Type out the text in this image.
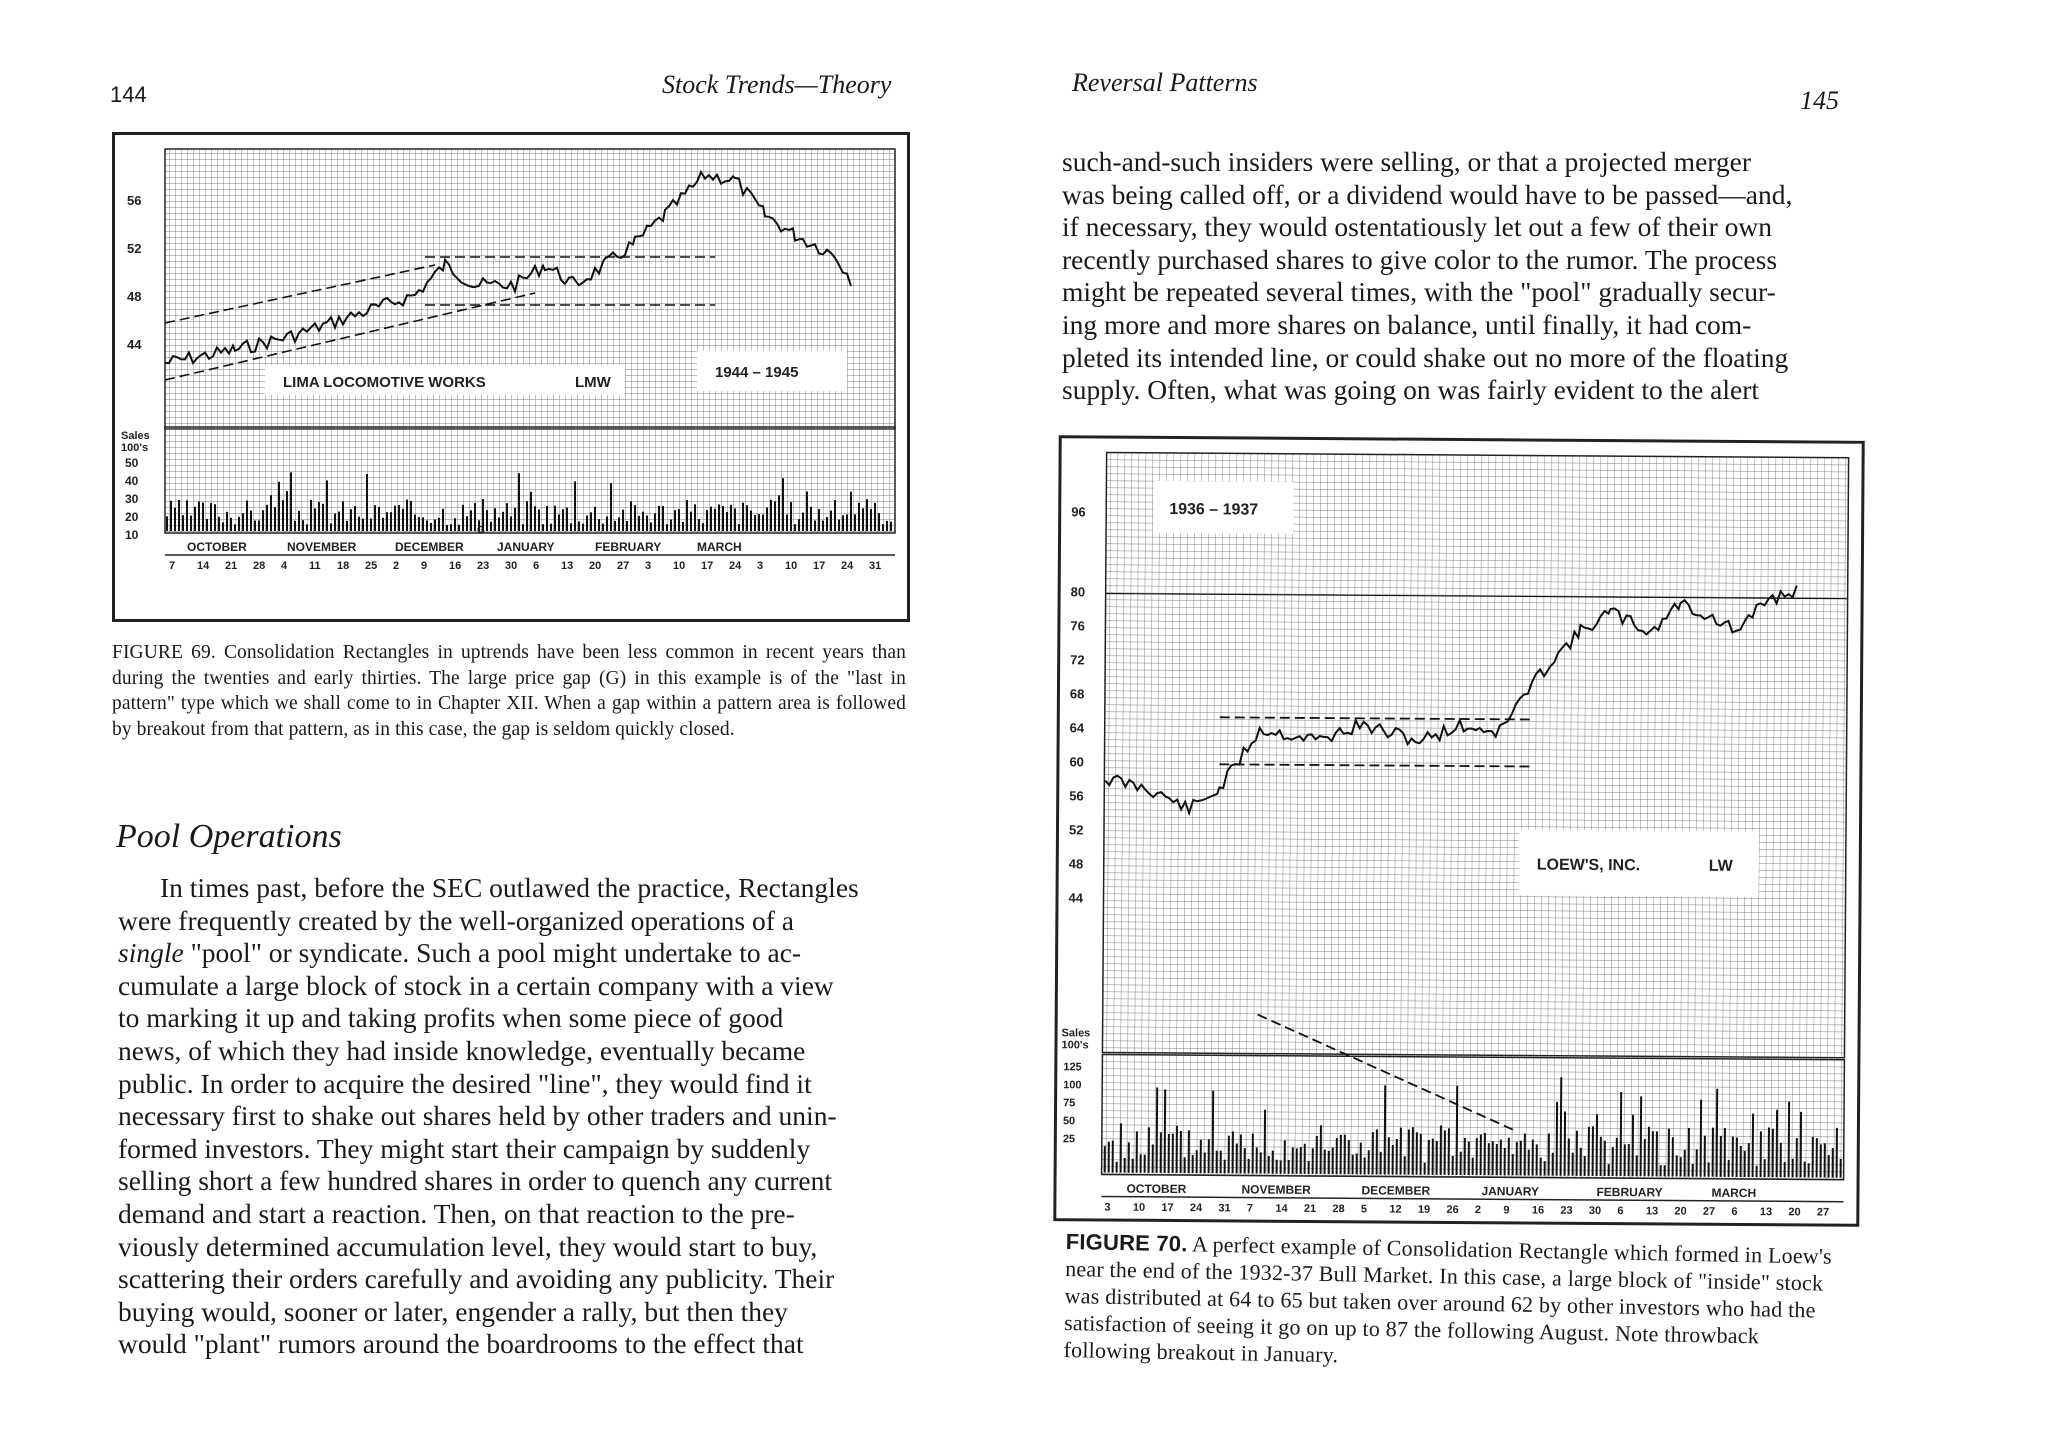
144	Stock Trends—Theory
56
52
48
44
Sales
100's
50
40
30
20
10
LIMA LOCOMOTIVE WORKS	LMW
1944 – 1945
OCTOBER	NOVEMBER	DECEMBER	JANUARY	FEBRUARY	MARCH
7 14 21 28 4 11 18 25 2 9 16 23 30 6 13 20 27 3 10 17 24 3 10 17 24 31
G
FIGURE 69. Consolidation Rectangles in uptrends have been less common in recent years than during the twenties and early thirties. The large price gap (G) in this example is of the "last in pattern" type which we shall come to in Chapter XII. When a gap within a pattern area is followed by breakout from that pattern, as in this case, the gap is seldom quickly closed.
Pool Operations
In times past, before the SEC outlawed the practice, Rectangles
were frequently created by the well-organized operations of a
single "pool" or syndicate. Such a pool might undertake to ac-
cumulate a large block of stock in a certain company with a view
to marking it up and taking profits when some piece of good
news, of which they had inside knowledge, eventually became
public. In order to acquire the desired "line", they would find it
necessary first to shake out shares held by other traders and unin-
formed investors. They might start their campaign by suddenly
selling short a few hundred shares in order to quench any current
demand and start a reaction. Then, on that reaction to the pre-
viously determined accumulation level, they would start to buy,
scattering their orders carefully and avoiding any publicity. Their
buying would, sooner or later, engender a rally, but then they
would "plant" rumors around the boardrooms to the effect that
Reversal Patterns
145
such-and-such insiders were selling, or that a projected merger
was being called off, or a dividend would have to be passed—and,
if necessary, they would ostentatiously let out a few of their own
recently purchased shares to give color to the rumor. The process
might be repeated several times, with the "pool" gradually secur-
ing more and more shares on balance, until finally, it had com-
pleted its intended line, or could shake out no more of the floating
supply. Often, what was going on was fairly evident to the alert
96
80
76
72
68
64
60
56
52
48
44
Sales
100's
125
100
75
50
25
1936 – 1937
LOEW'S, INC.	LW
OCTOBER	NOVEMBER	DECEMBER	JANUARY	FEBRUARY	MARCH
3 10 17 24 31 7 14 21 28 5 12 19 26 2 9 16 23 30 6 13 20 27 6 13 20 27
FIGURE 70. A perfect example of Consolidation Rectangle which formed in Loew's near the end of the 1932-37 Bull Market. In this case, a large block of "inside" stock was distributed at 64 to 65 but taken over around 62 by other investors who had the satisfaction of seeing it go on up to 87 the following August. Note throwback following breakout in January.
